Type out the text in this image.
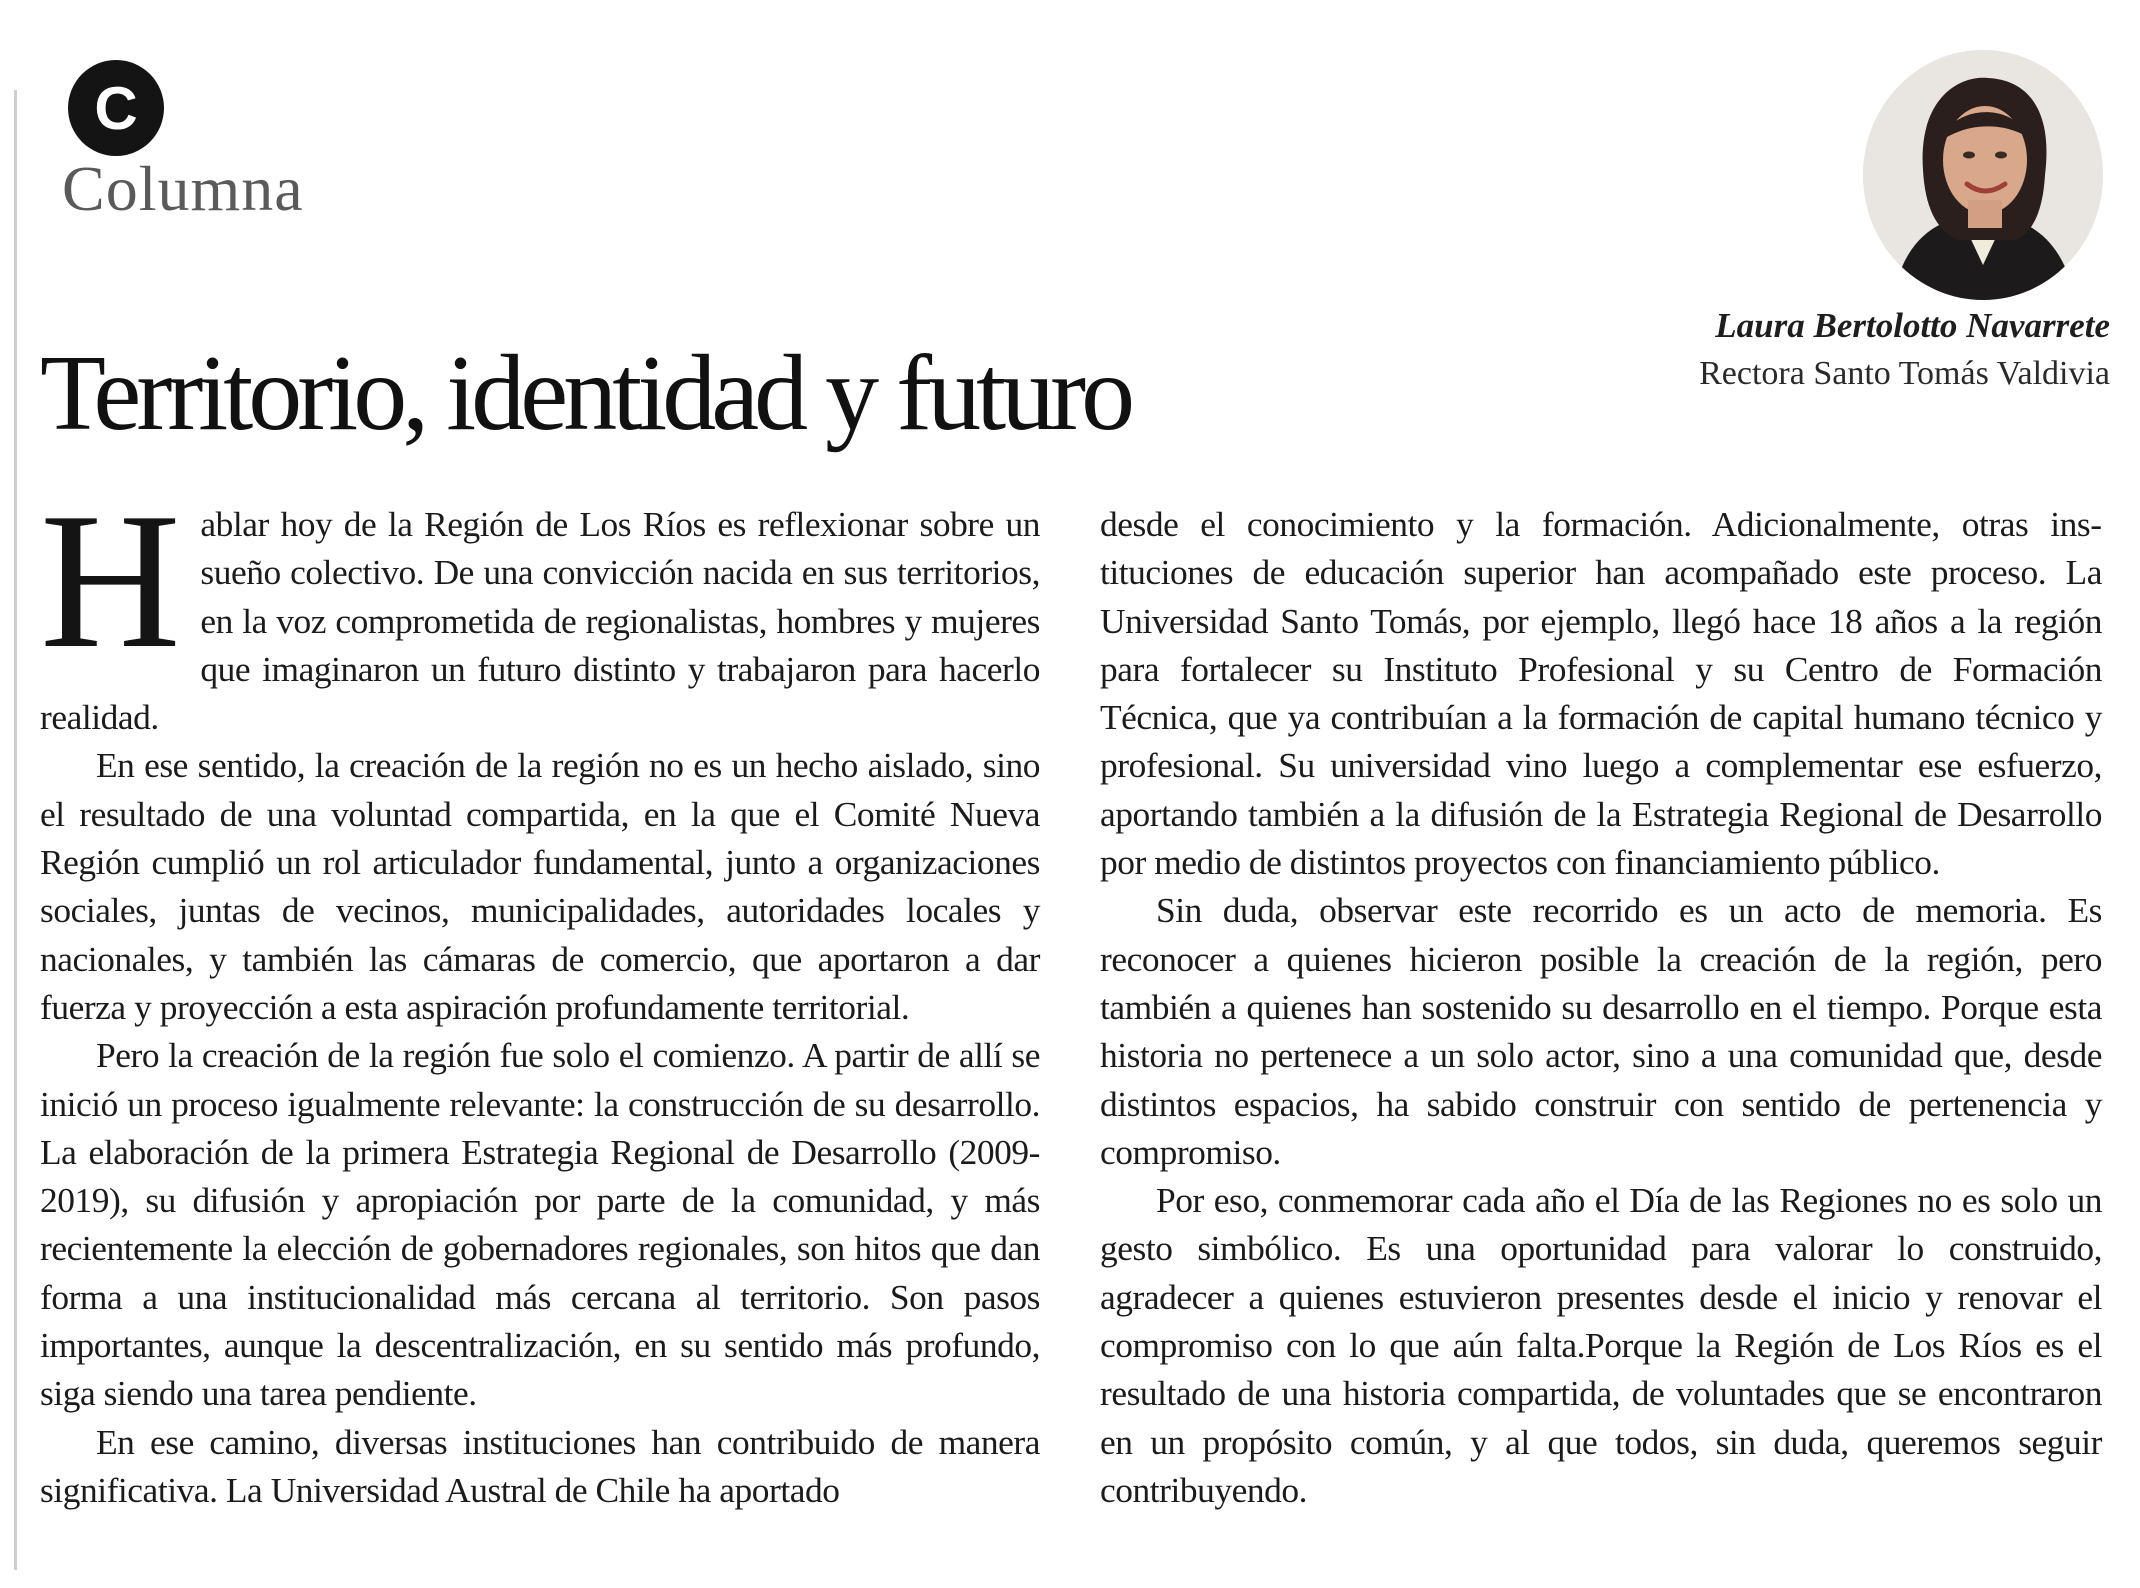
C
Columna
Laura Bertolotto Navarrete
Rectora Santo Tomás Valdivia
Territorio, identidad y futuro

Hablar hoy de la Región de Los Ríos es reflexionar sobre un sueño colectivo. De una convicción nacida en sus territorios, en la voz comprometida de regionalistas, hombres y mujeres que imaginaron un futuro distinto y trabajaron para hacerlo realidad.

En ese sentido, la creación de la región no es un hecho aislado, sino el resultado de una voluntad compartida, en la que el Comité Nueva Región cumplió un rol articulador fundamental, junto a organizaciones sociales, juntas de vecinos, municipalidades, autoridades locales y nacionales, y también las cámaras de comercio, que aportaron a dar fuerza y proyección a esta aspiración profundamente territorial.

Pero la creación de la región fue solo el comienzo. A partir de allí se inició un proceso igualmente relevante: la construcción de su desarrollo. La elaboración de la primera Estrategia Regional de Desarrollo (2009-2019), su difusión y apropiación por parte de la comunidad, y más recientemente la elección de gobernadores regionales, son hitos que dan forma a una institucionalidad más cercana al territorio. Son pasos importantes, aunque la descentralización, en su sentido más profundo, siga siendo una tarea pendiente.

En ese camino, diversas instituciones han contribuido de manera significativa. La Universidad Austral de Chile ha aportado

desde el conocimiento y la formación. Adicionalmente, otras instituciones de educación superior han acompañado este proceso. La Universidad Santo Tomás, por ejemplo, llegó hace 18 años a la región para fortalecer su Instituto Profesional y su Centro de Formación Técnica, que ya contribuían a la formación de capital humano técnico y profesional. Su universidad vino luego a complementar ese esfuerzo, aportando también a la difusión de la Estrategia Regional de Desarrollo por medio de distintos proyectos con financiamiento público.

Sin duda, observar este recorrido es un acto de memoria. Es reconocer a quienes hicieron posible la creación de la región, pero también a quienes han sostenido su desarrollo en el tiempo. Porque esta historia no pertenece a un solo actor, sino a una comunidad que, desde distintos espacios, ha sabido construir con sentido de pertenencia y compromiso.

Por eso, conmemorar cada año el Día de las Regiones no es solo un gesto simbólico. Es una oportunidad para valorar lo construido, agradecer a quienes estuvieron presentes desde el inicio y renovar el compromiso con lo que aún falta.Porque la Región de Los Ríos es el resultado de una historia compartida, de voluntades que se encontraron en un propósito común, y al que todos, sin duda, queremos seguir contribuyendo.
